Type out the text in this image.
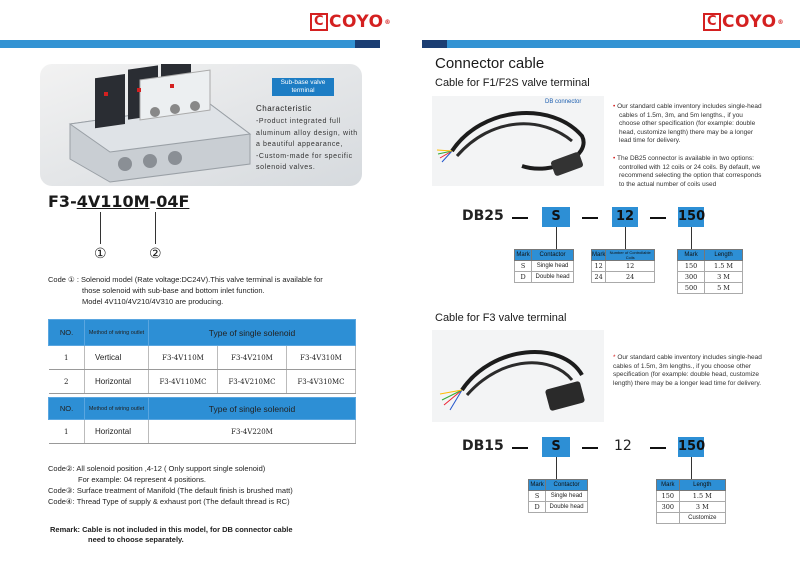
C COYO ®
Sub-base valve terminal
Characteristic
-Product integrated full
aluminum alloy design, with
a beautiful appearance,
-Custom-made for specific
solenoid valves.
F3-4V110M-04F
①	②
Code ① : Solenoid model (Rate voltage:DC24V).This valve terminal is available for
those solenoid with sub-base and bottom inlet function.
Model 4V110/4V210/4V310 are producing.
NO.	Method of wiring outlet	Type of single solenoid		
1	Vertical	F3-4V110M	F3-4V210M	F3-4V310M
2	Horizontal	F3-4V110MC	F3-4V210MC	F3-4V310MC
NO.	Method of wiring outlet	Type of single solenoid
1	Horizontal	F3-4V220M
Code②: All solenoid position ,4-12 ( Only support single solenoid)
For example: 04 represent 4 positions.
Code③: Surface treatment of Manifold (The default finish is brushed matt)
Code④: Thread Type of supply & exhaust port (The default thread is RC)
Remark: Cable is not included in this model, for DB connector cable
need to choose separately.
C COYO ®
Connector cable
Cable for F1/F2S valve terminal
DB connector
• Our standard cable inventory includes single-head
cables of 1.5m, 3m, and 5m lengths., if you
choose other specification (for example: double
head, customize length) there may be a longer
lead time for delivery.
• The DB25 connector is available in two options:
controlled with 12 coils or 24 coils. By default, we
recommend selecting the option that corresponds
to the actual number of coils used
DB25	S	12	150
Mark	Contactor
S	Single head
D	Double head
Mark	Number of Controllable Coils
12	12
24	24
Mark	Length
150	1.5 M
300	3 M
500	5 M
Cable for F3 valve terminal
* Our standard cable inventory includes single-head
cables of 1.5m, 3m lengths., if you choose other
specification (for example: double head, customize
length) there may be a longer lead time for delivery.
DB15	S	12	150
Mark	Contactor
S	Single head
D	Double head
Mark	Length
150	1.5 M
300	3 M
	Customize
